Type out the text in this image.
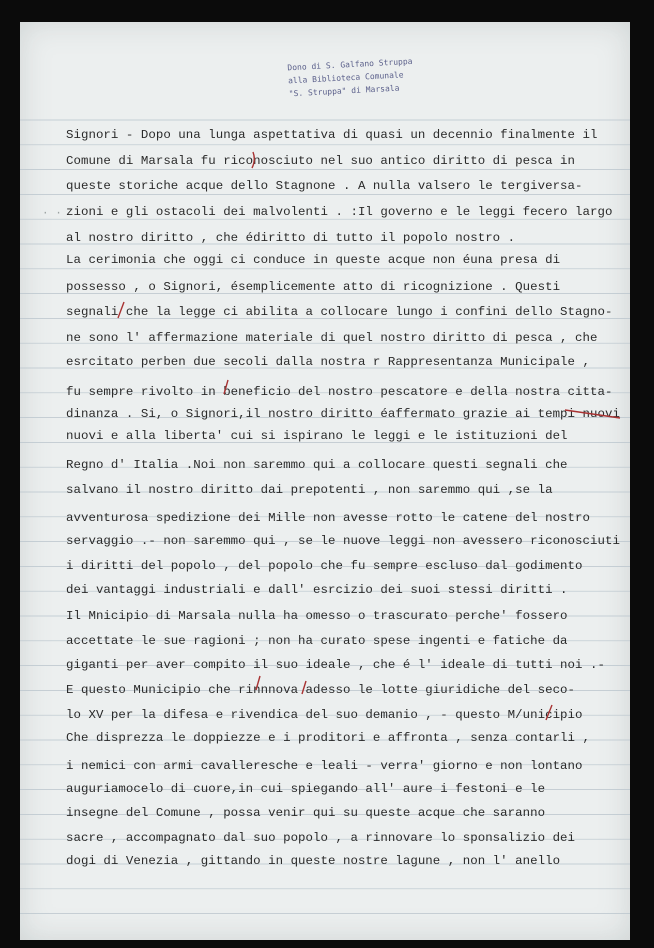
Dono di S. Galfano Struppa
alla Biblioteca Comunale
"S. Struppa" di Marsala
· ·
Signori - Dopo una lunga aspettativa di quasi un decennio finalmente il
Comune di Marsala fu riconosciuto nel suo antico diritto di pesca in
queste storiche acque dello Stagnone . A nulla valsero le tergiversa-
zioni e gli ostacoli dei malvolenti . :Il governo e le leggi fecero largo
al nostro diritto , che édiritto di tutto il popolo nostro .
La cerimonia che oggi ci conduce in queste acque non éuna presa di
possesso , o Signori, ésemplicemente atto di ricognizione . Questi
segnali che la legge ci abilita a collocare lungo i confini dello Stagno-
ne sono l' affermazione materiale di quel nostro diritto di pesca , che
esrcitato perben due secoli dalla nostra r Rappresentanza Municipale ,
fu sempre rivolto in beneficio del nostro pescatore e della nostra citta-
dinanza . Si, o Signori,il nostro diritto éaffermato grazie ai tempi nuovi
nuovi e alla liberta' cui si ispirano le leggi e le istituzioni del
Regno d' Italia .Noi non saremmo qui a collocare questi segnali che
salvano il nostro diritto dai prepotenti , non saremmo qui ,se la
avventurosa spedizione dei Mille non avesse rotto le catene del nostro
servaggio .- non saremmo qui , se le nuove leggi non avessero riconosciuti
i diritti del popolo , del popolo che fu sempre escluso dal godimento
dei vantaggi industriali e dall' esrcizio dei suoi stessi diritti .
Il Mnicipio di Marsala nulla ha omesso o trascurato perche' fossero
accettate le sue ragioni ; non ha curato spese ingenti e fatiche da
giganti per aver compito il suo ideale , che é l' ideale di tutti noi .-
E questo Municipio che rinnnova adesso le lotte giuridiche del seco-
lo XV per la difesa e rivendica del suo demanio , - questo M/unicipio
Che disprezza le doppiezze e i proditori e affronta , senza contarli ,
i nemici con armi cavalleresche e leali - verra' giorno e non lontano
auguriamocelo di cuore,in cui spiegando all' aure i festoni e le
insegne del Comune , possa venir qui su queste acque che saranno
sacre , accompagnato dal suo popolo , a rinnovare lo sponsalizio dei
dogi di Venezia , gittando in queste nostre lagune , non l' anello
